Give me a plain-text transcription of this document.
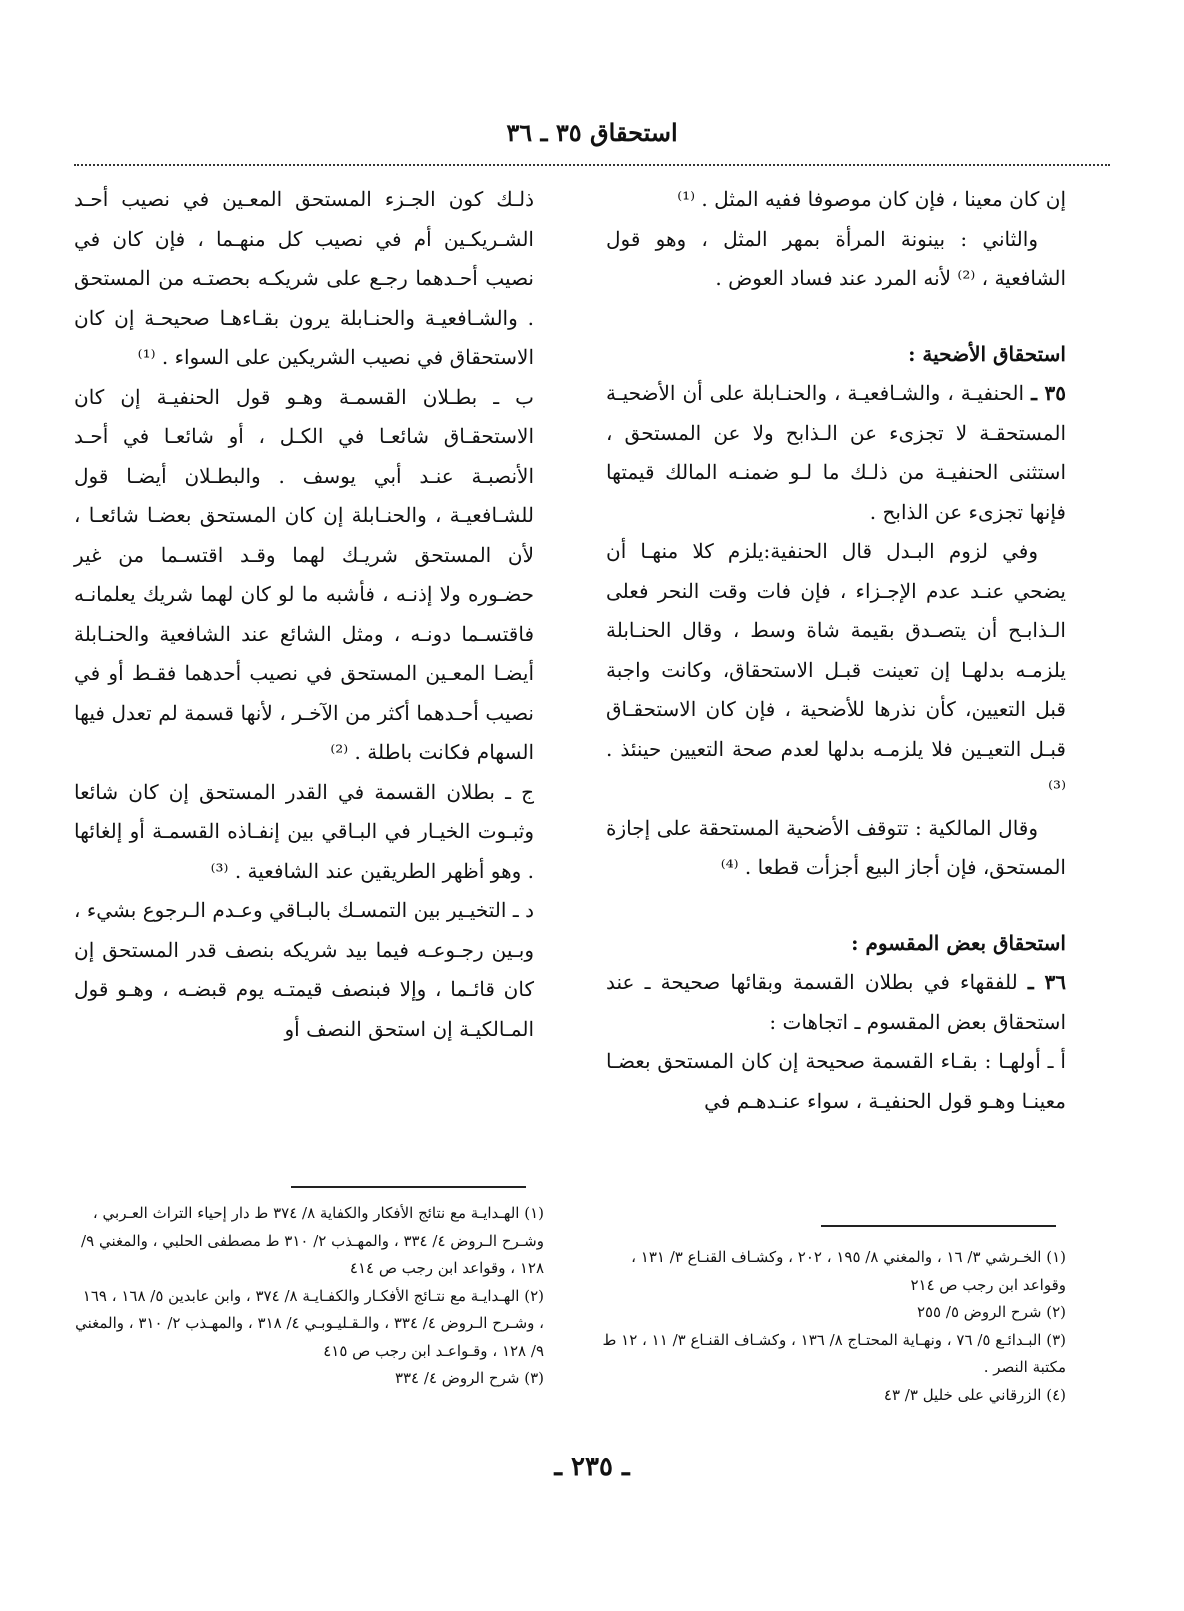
استحقاق ٣٥ ـ ٣٦

إن كان معينا ، فإن كان موصوفا ففيه المثل . ⁽¹⁾

والثاني : بينونة المرأة بمهر المثل ، وهو قول الشافعية ، ⁽²⁾ لأنه المرد عند فساد العوض .

استحقاق الأضحية :

٣٥ ـ الحنفيـة ، والشـافعيـة ، والحنـابلة على أن الأضحيـة المستحقـة لا تجزىء عن الـذابح ولا عن المستحق ، استثنى الحنفيـة من ذلـك ما لـو ضمنـه المالك قيمتها فإنها تجزىء عن الذابح .

وفي لزوم البـدل قال الحنفية:يلزم كلا منهـا أن يضحي عنـد عدم الإجـزاء ، فإن فات وقت النحر فعلى الـذابـح أن يتصـدق بقيمة شاة وسط ، وقال الحنـابلة يلزمـه بدلهـا إن تعينت قبـل الاستحقاق، وكانت واجبة قبل التعيين، كأن نذرها للأضحية ، فإن كان الاستحقـاق قبـل التعيـين فلا يلزمـه بدلها لعدم صحة التعيين حينئذ . ⁽³⁾

وقال المالكية : تتوقف الأضحية المستحقة على إجازة المستحق، فإن أجاز البيع أجزأت قطعا . ⁽⁴⁾

استحقاق بعض المقسوم :

٣٦ ـ للفقهاء في بطلان القسمة وبقائها صحيحة ـ عند استحقاق بعض المقسوم ـ اتجاهات :

أ ـ أولهـا : بقـاء القسمة صحيحة إن كان المستحق بعضـا معينـا وهـو قول الحنفيـة ، سواء عنـدهـم في

ذلـك كون الجـزء المستحق المعـين في نصيب أحـد الشـريكـين أم في نصيب كل منهـما ، فإن كان في نصيب أحـدهما رجـع على شريكـه بحصتـه من المستحق . والشـافعيـة والحنـابلة يرون بقـاءهـا صحيحـة إن كان الاستحقاق في نصيب الشريكين على السواء . ⁽¹⁾

ب ـ بطـلان القسمـة وهـو قول الحنفيـة إن كان الاستحقـاق شائعـا في الكـل ، أو شائعـا في أحـد الأنصبـة عنـد أبي يوسف . والبطـلان أيضـا قول للشـافعيـة ، والحنـابلة إن كان المستحق بعضـا شائعـا ، لأن المستحق شريـك لهما وقـد اقتسـما من غير حضـوره ولا إذنـه ، فأشبه ما لو كان لهما شريك يعلمانـه فاقتسـما دونـه ، ومثل الشائع عند الشافعية والحنـابلة أيضـا المعـين المستحق في نصيب أحدهما فقـط أو في نصيب أحـدهما أكثر من الآخـر ، لأنها قسمة لم تعدل فيها السهام فكانت باطلة . ⁽²⁾

ج ـ بطلان القسمة في القدر المستحق إن كان شائعا وثبـوت الخيـار في البـاقي بين إنفـاذه القسمـة أو إلغائها . وهو أظهر الطريقين عند الشافعية . ⁽³⁾

د ـ التخيـير بين التمسـك بالبـاقي وعـدم الـرجوع بشيء ، وبـين رجـوعـه فيما بيد شريكه بنصف قدر المستحق إن كان قائـما ، وإلا فبنصف قيمتـه يوم قبضـه ، وهـو قول المـالكيـة إن استحق النصف أو

(١) الخـرشي ٣/ ١٦ ، والمغني ٨/ ١٩٥ ، ٢٠٢ ، وكشـاف القنـاع ٣/ ١٣١ ، وقواعد ابن رجب ص ٢١٤

(٢) شرح الروض ٥/ ٢٥٥

(٣) البـدائـع ٥/ ٧٦ ، ونهـاية المحتـاج ٨/ ١٣٦ ، وكشـاف القنـاع ٣/ ١١ ، ١٢ ط مكتبة النصر .

(٤) الزرقاني على خليل ٣/ ٤٣

(١) الهـدايـة مع نتائج الأفكار والكفاية ٨/ ٣٧٤ ط دار إحياء التراث العـربي ، وشـرح الـروض ٤/ ٣٣٤ ، والمهـذب ٢/ ٣١٠ ط مصطفى الحلبي ، والمغني ٩/ ١٢٨ ، وقواعد ابن رجب ص ٤١٤

(٢) الهـدايـة مع نتـائج الأفكـار والكفـايـة ٨/ ٣٧٤ ، وابن عابدين ٥/ ١٦٨ ، ١٦٩ ، وشـرح الـروض ٤/ ٣٣٤ ، والـقـليـوبـي ٤/ ٣١٨ ، والمهـذب ٢/ ٣١٠ ، والمغني ٩/ ١٢٨ ، وقـواعـد ابن رجب ص ٤١٥

(٣) شرح الروض ٤/ ٣٣٤

ـ ٢٣٥ ـ
